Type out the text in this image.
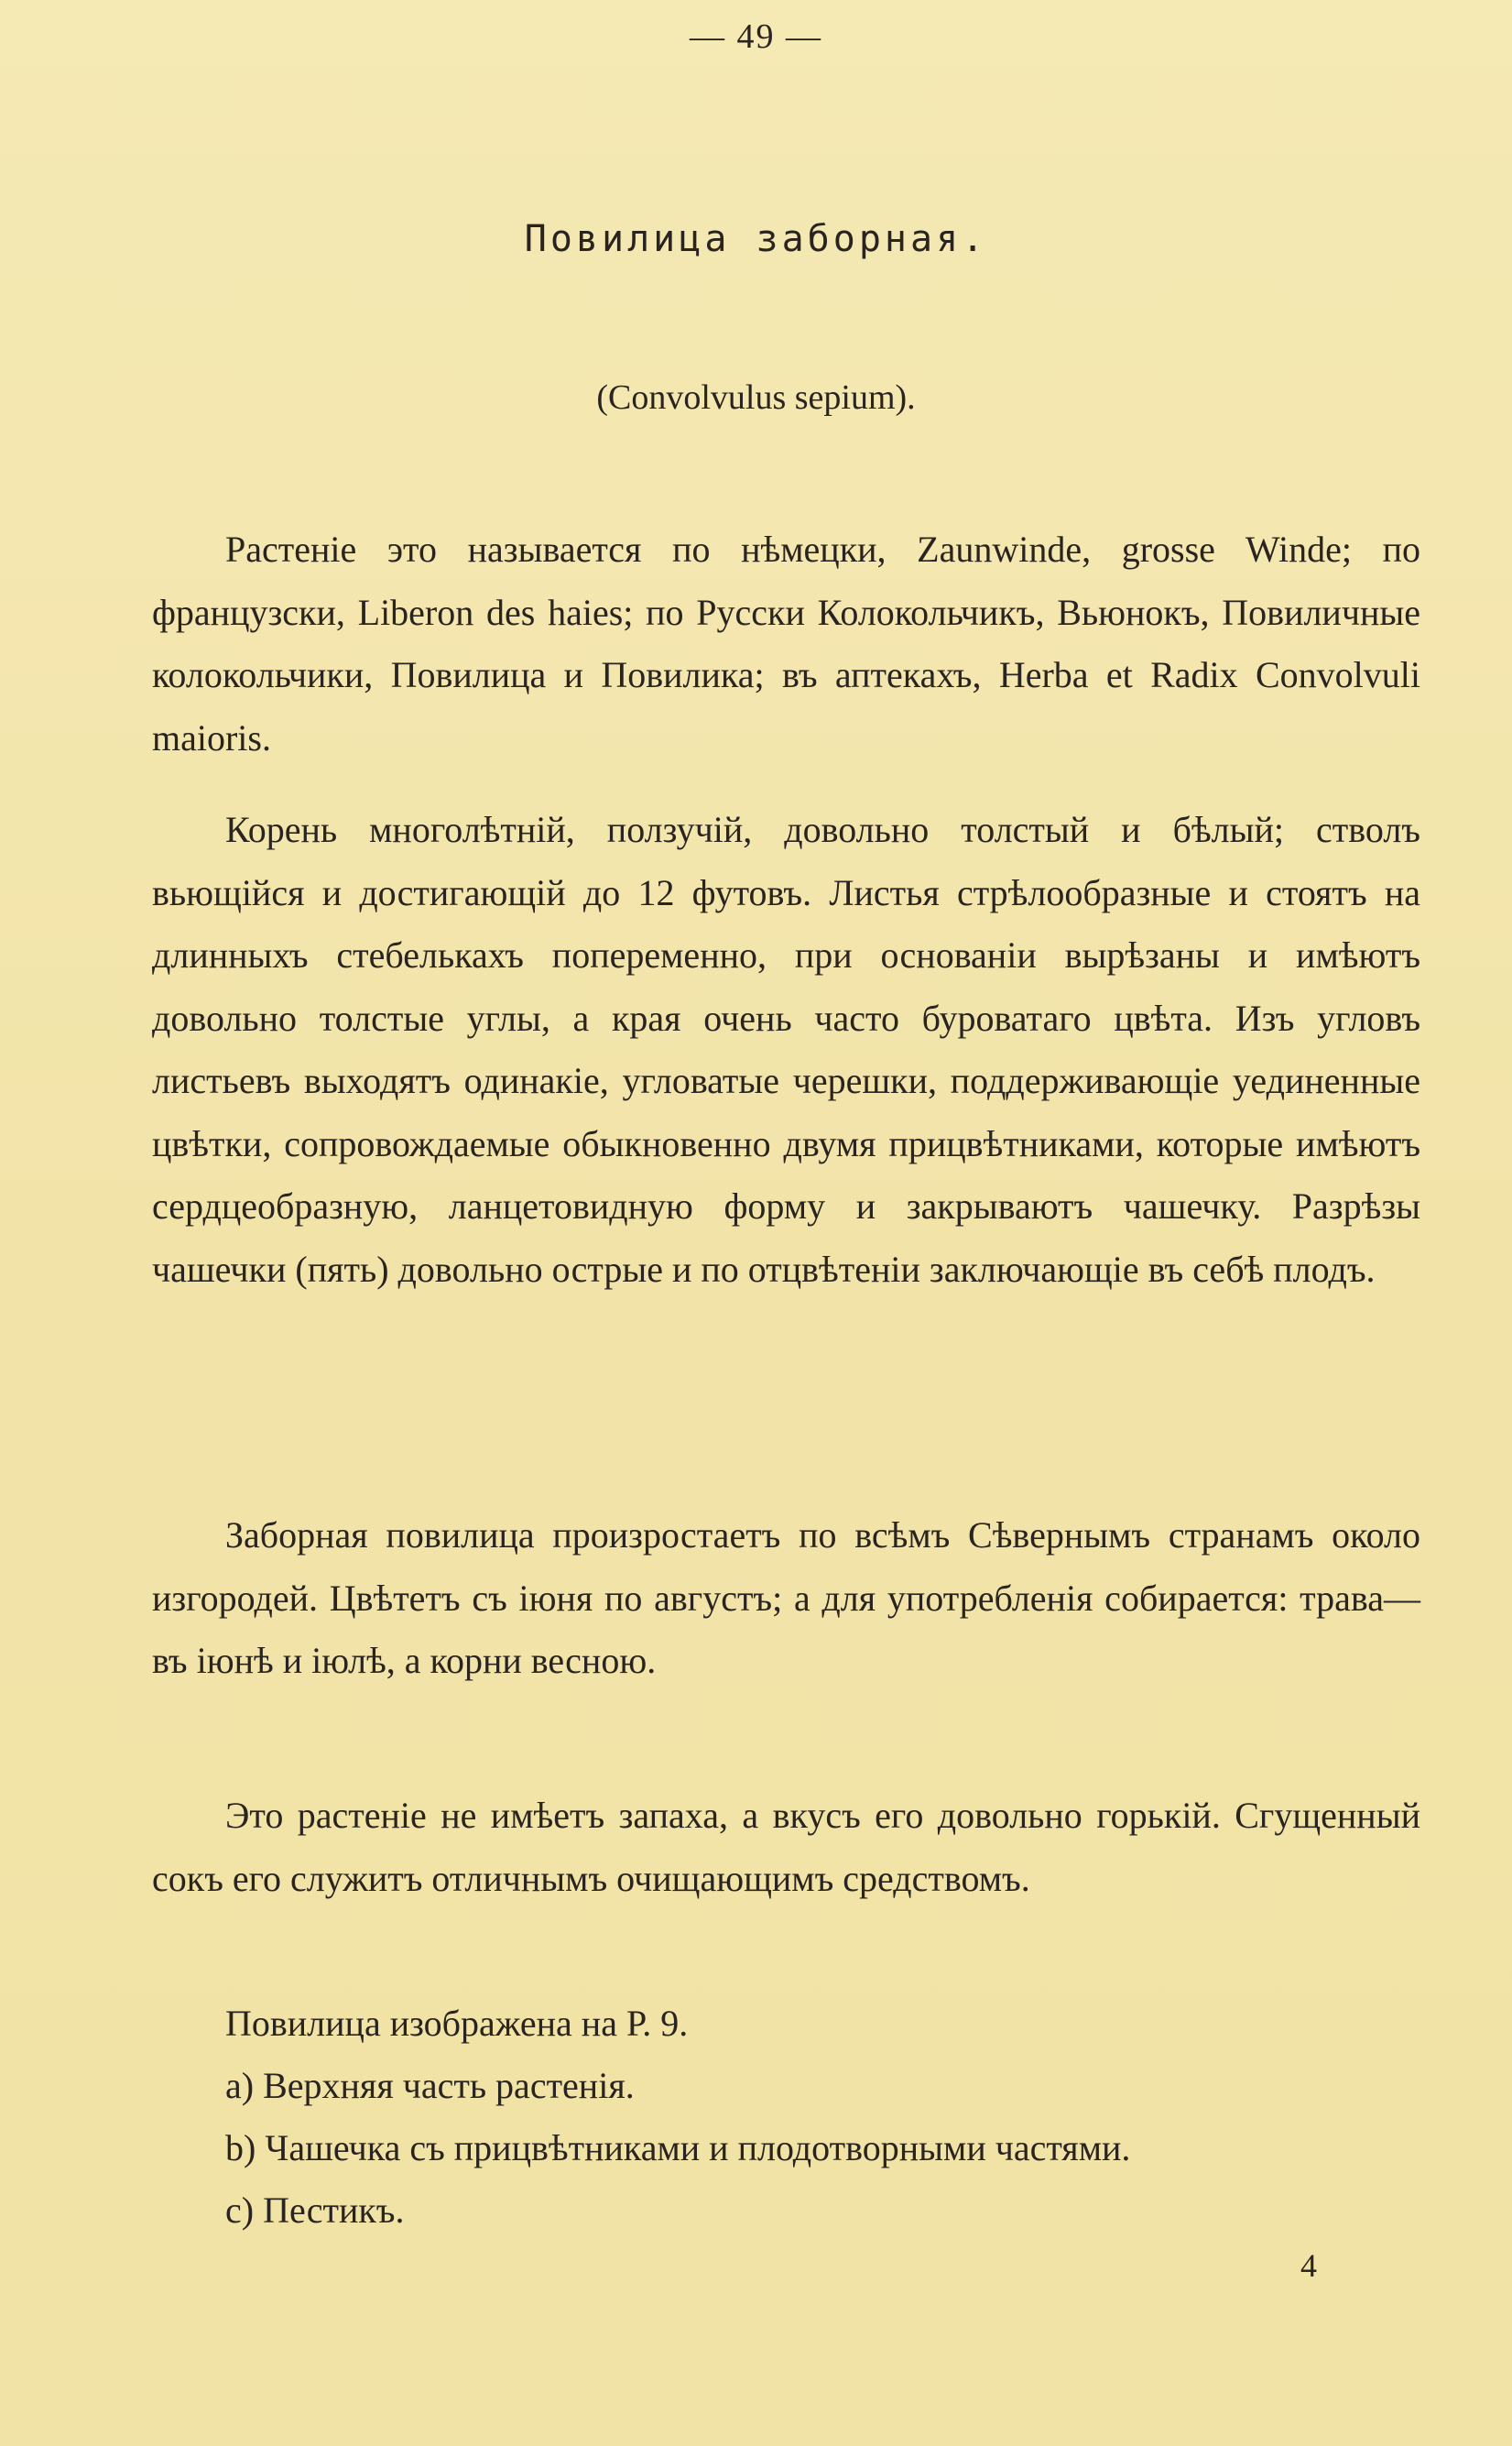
— 49 —
Повилица заборная.
(Convolvulus sepium).

Растеніе это называется по нѣмецки, Zaunwinde, grosse Winde; по французски, Liberon des haies; по Русски Колокольчикъ, Вьюнокъ, Повиличные колокольчики, Повилица и Повилика; въ аптекахъ, Herba et Radix Convolvuli maioris.

Корень многолѣтній, ползучій, довольно толстый и бѣлый; стволъ вьющійся и достигающій до 12 футовъ. Листья стрѣлообразные и стоятъ на длинныхъ стебелькахъ попеременно, при основаніи вырѣзаны и имѣютъ довольно толстые углы, а края очень часто буроватаго цвѣта. Изъ угловъ листьевъ выходятъ одинакіе, угловатые черешки, поддерживающіе уединенные цвѣтки, сопровождаемые обыкновенно двумя прицвѣтниками, которые имѣютъ сердцеобразную, ланцетовидную форму и закрываютъ чашечку. Разрѣзы чашечки (пять) довольно острые и по отцвѣтеніи заключающіе въ себѣ плодъ.

Заборная повилица произростаетъ по всѣмъ Сѣвернымъ странамъ около изгородей. Цвѣтетъ съ іюня по августъ; а для употребленія собирается: трава—въ іюнѣ и іюлѣ, а корни весною.

Это растеніе не имѣетъ запаха, а вкусъ его довольно горькій. Сгущенный сокъ его служитъ отличнымъ очищающимъ средствомъ.

Повилица изображена на Р. 9.
a) Верхняя часть растенія.
b) Чашечка съ прицвѣтниками и плодотворными частями.
c) Пестикъ.
4
